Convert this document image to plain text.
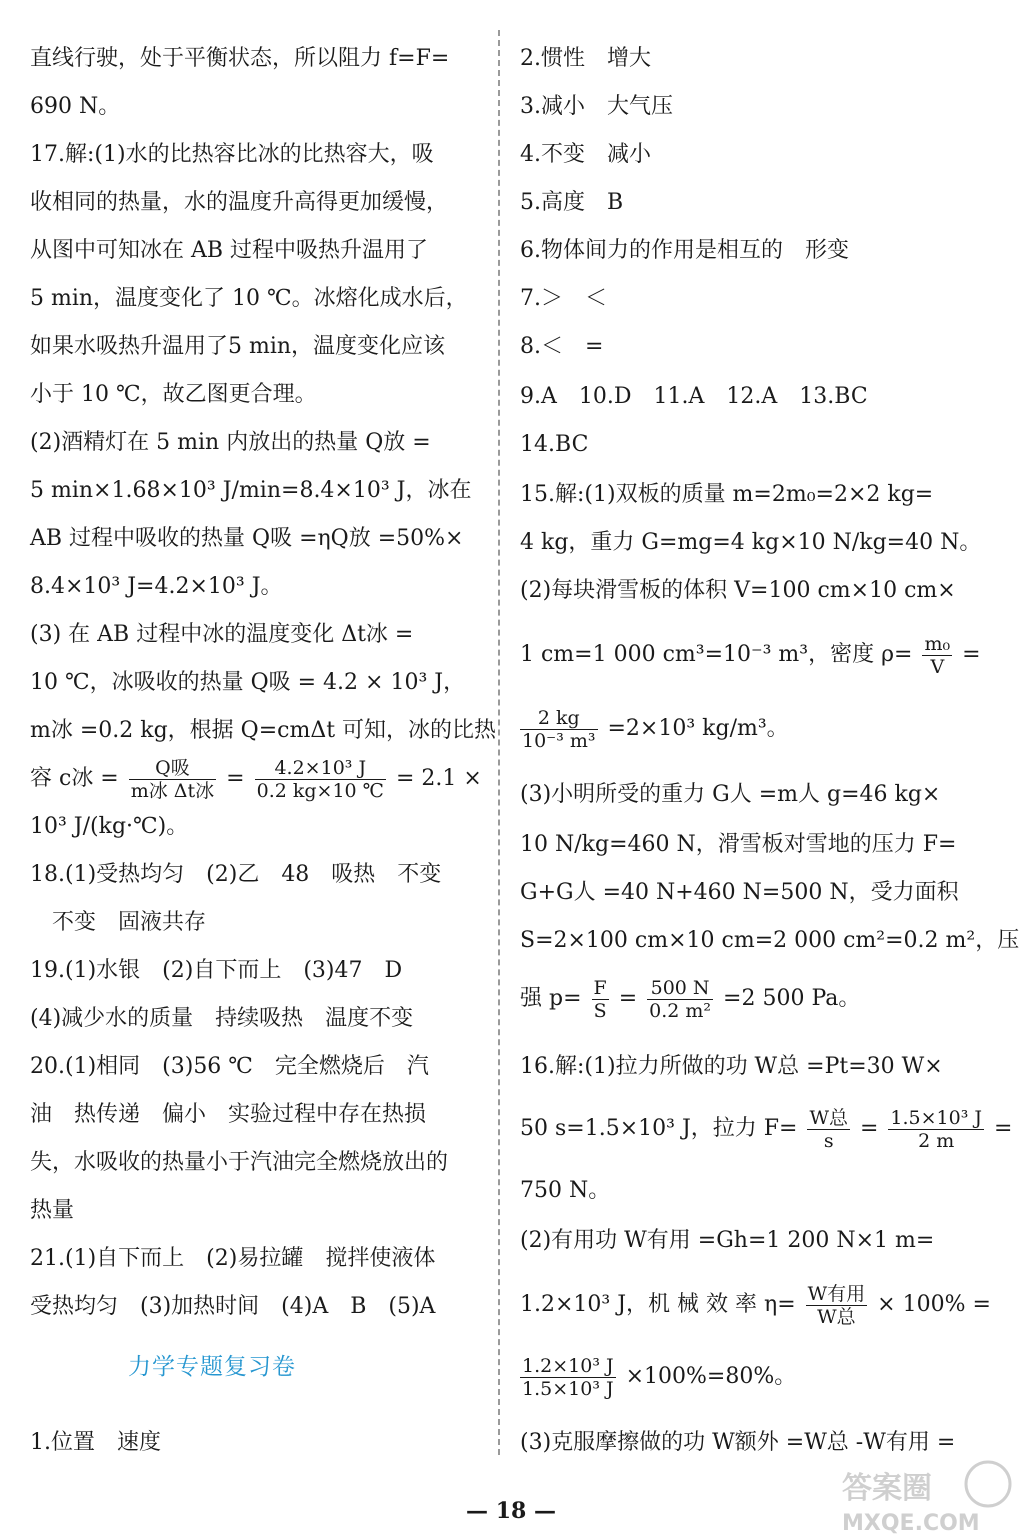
直线行驶，处于平衡状态，所以阻力 f=F=
690 N。
17.解:(1)水的比热容比冰的比热容大，吸
收相同的热量，水的温度升高得更加缓慢，
从图中可知冰在 AB 过程中吸热升温用了
5 min，温度变化了 10 ℃。冰熔化成水后，
如果水吸热升温用了5 min，温度变化应该
小于 10 ℃，故乙图更合理。
(2)酒精灯在 5 min 内放出的热量 Q放 =
5 min×1.68×10³ J/min=8.4×10³ J，冰在
AB 过程中吸收的热量 Q吸 =ηQ放 =50%×
8.4×10³ J=4.2×10³ J。
(3) 在 AB 过程中冰的温度变化 Δt冰 =
10 ℃，冰吸收的热量 Q吸 = 4.2 × 10³ J，
m冰 =0.2 kg，根据 Q=cmΔt 可知，冰的比热
容 c冰 = $\frac{\text{Q吸}}{\text{m冰 Δt冰}} = \frac{\text{4.2×10³ J}}{0.2 kg\times 10 ℃} = 2.1$ ×
10³ J/(kg·℃)。
18.(1)受热均匀　(2)乙　48　吸热　不变
　不变　固液共存
19.(1)水银　(2)自下而上　(3)47　D
(4)减少水的质量　持续吸热　温度不变
20.(1)相同　(3)56 ℃　完全燃烧后　汽
油　热传递　偏小　实验过程中存在热损
失，水吸收的热量小于汽油完全燃烧放出的
热量
21.(1)自下而上　(2)易拉罐　搅拌使液体
受热均匀　(3)加热时间　(4)A　B　(5)A
1.位置　速度
力学专题复习卷
2.惯性　增大
3.减小　大气压
4.不变　减小
5.高度　B
6.物体间力的作用是相互的　形变
7.＞　＜
8.＜　=
9.A　10.D　11.A　12.A　13.BC
14.BC
15.解:(1)双板的质量 m=2m₀=2×2 kg=
4 kg，重力 G=mg=4 kg×10 N/kg=40 N。
(2)每块滑雪板的体积 V=100 cm×10 cm×
1 cm=1 000 cm³=10⁻³ m³，密度 $\rho= \frac{\text{m₀}}{V}$ =
$\frac{2 kg}{\text{10⁻³ m³}} =2\times 10^3$ kg/m³。
(3)小明所受的重力 G人 =m人 g=46 kg×
10 N/kg=460 N，滑雪板对雪地的压力 F=
G+G人 =40 N+460 N=500 N，受力面积
S=2×100 cm×10 cm=2 000 cm²=0.2 m²，压
强 $p= \frac{F}{S} = \frac{500 N}{\text{0.2 m²}} =2$ 500 Pa。
16.解:(1)拉力所做的功 W总 =Pt=30 W×
50 s=1.5×10³ J，拉力 $F= \frac{\text{W总}}{s} = \frac{\text{1.5×10³ J}}{2 m}$ =
750 N。
(2)有用功 W有用 =Gh=1 200 N×1 m=
1.2×10³ J，机 械 效 率 $\eta= \frac{\text{W有用}}{\text{W总}} \times 100\%$ =
$\frac{\text{1.2×10³ J}}{\text{1.5×10³ J}} \times 100\%=80\%$。
(3)克服摩擦做的功 W额外 =W总 -W有用 =
— 18 —
答案圈
MXQE.COM
